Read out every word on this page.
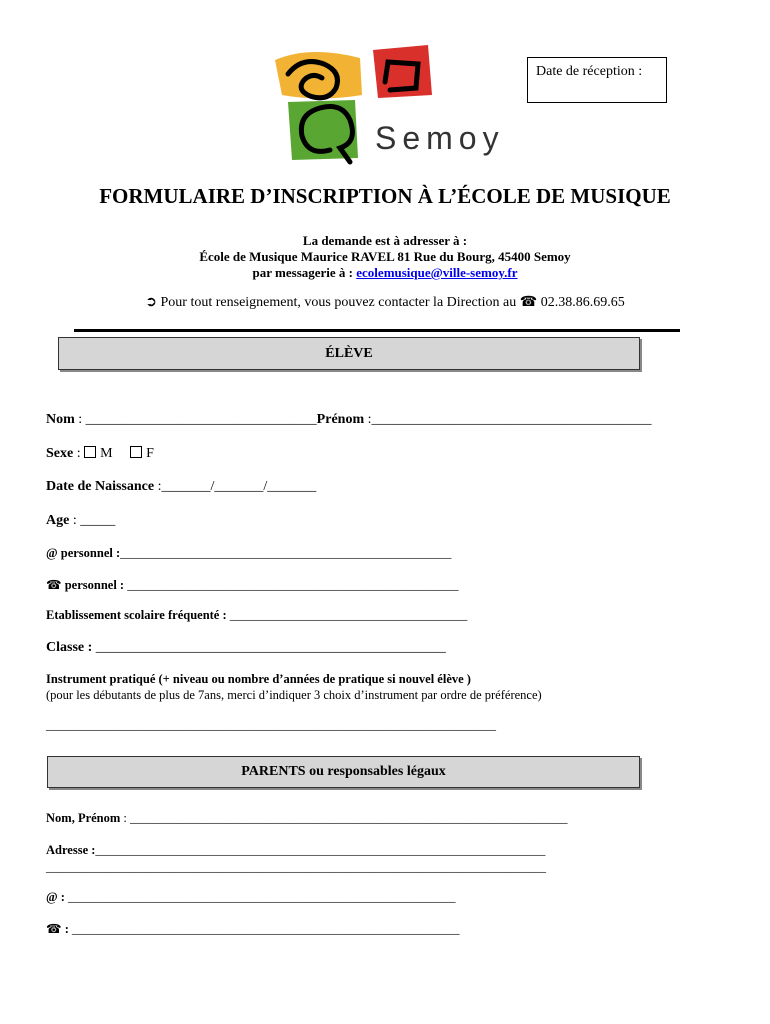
Semoy
Date de réception :
FORMULAIRE D’INSCRIPTION À L’ÉCOLE DE MUSIQUE
La demande est à adresser à :
École de Musique Maurice RAVEL 81 Rue du Bourg, 45400 Semoy
par messagerie à : ecolemusique@ville-semoy.fr
➲ Pour tout renseignement, vous pouvez contacter la Direction au ☎ 02.38.86.69.65
ÉLÈVE
Nom : _________________________________Prénom :________________________________________
Sexe : M F
Date de Naissance :_______/_______/_______
Age : _____
@ personnel :_____________________________________________________
☎ personnel : _____________________________________________________
Etablissement scolaire fréquenté : ______________________________________
Classe : __________________________________________________
Instrument pratiqué (+ niveau ou nombre d’années de pratique si nouvel élève )
(pour les débutants de plus de 7ans, merci d’indiquer 3 choix d’instrument par ordre de préférence)
________________________________________________________________________
PARENTS ou responsables légaux
Nom, Prénom : ______________________________________________________________________
Adresse :________________________________________________________________________
________________________________________________________________________________
@ : ______________________________________________________________
☎ : ______________________________________________________________
